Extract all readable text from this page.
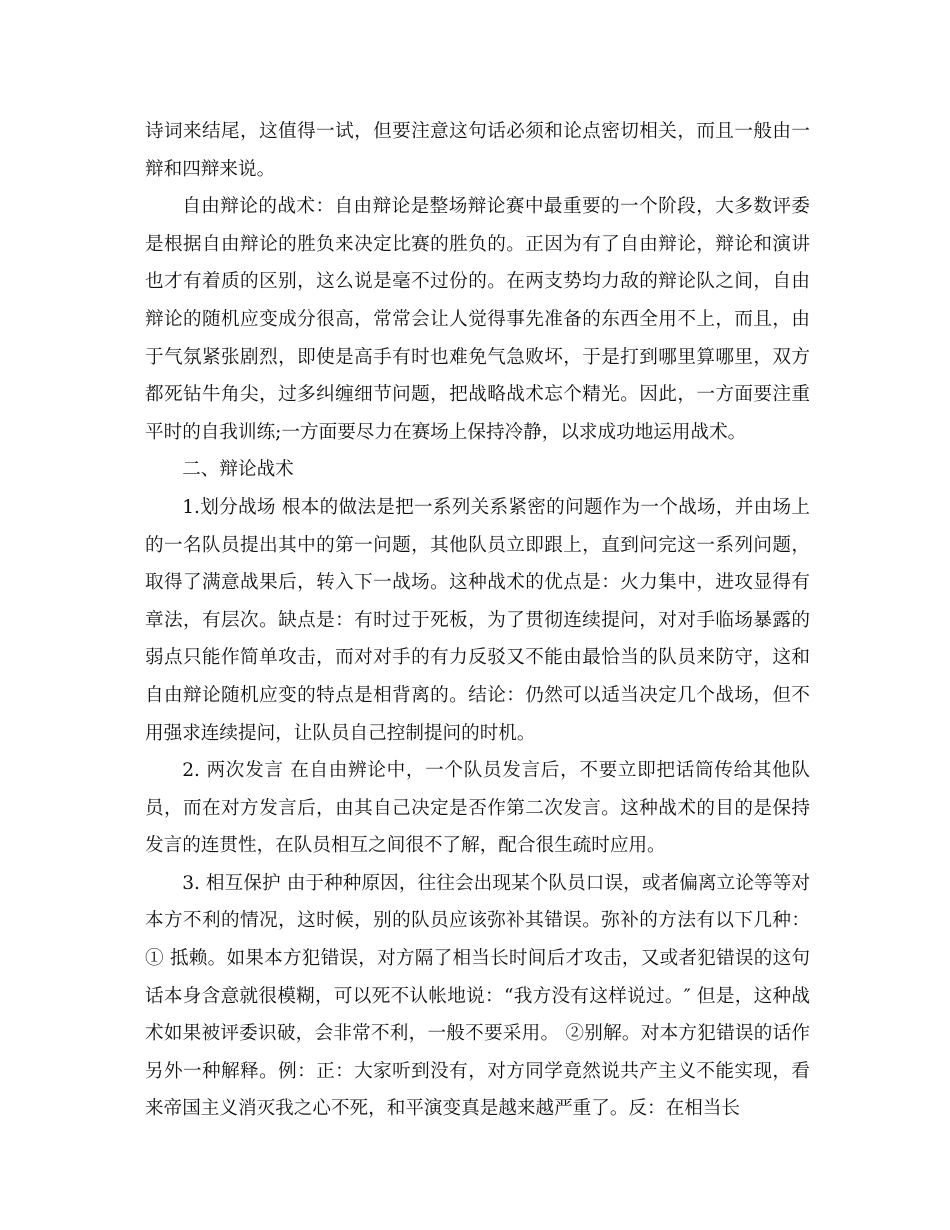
诗词来结尾，这值得一试，但要注意这句话必须和论点密切相关，而且一般由一辩和四辩来说。

自由辩论的战术：自由辩论是整场辩论赛中最重要的一个阶段，大多数评委是根据自由辩论的胜负来决定比赛的胜负的。正因为有了自由辩论，辩论和演讲也才有着质的区别，这么说是毫不过份的。在两支势均力敌的辩论队之间，自由辩论的随机应变成分很高，常常会让人觉得事先准备的东西全用不上，而且，由于气氛紧张剧烈，即使是高手有时也难免气急败坏，于是打到哪里算哪里，双方都死钻牛角尖，过多纠缠细节问题，把战略战术忘个精光。因此，一方面要注重平时的自我训练;一方面要尽力在赛场上保持冷静，以求成功地运用战术。

二、辩论战术

1.划分战场 根本的做法是把一系列关系紧密的问题作为一个战场，并由场上的一名队员提出其中的第一问题，其他队员立即跟上，直到问完这一系列问题，取得了满意战果后，转入下一战场。这种战术的优点是：火力集中，进攻显得有章法，有层次。缺点是：有时过于死板，为了贯彻连续提问，对对手临场暴露的弱点只能作简单攻击，而对对手的有力反驳又不能由最恰当的队员来防守，这和自由辩论随机应变的特点是相背离的。结论：仍然可以适当决定几个战场，但不用强求连续提问，让队员自己控制提问的时机。

2. 两次发言 在自由辨论中，一个队员发言后，不要立即把话筒传给其他队员，而在对方发言后，由其自己决定是否作第二次发言。这种战术的目的是保持发言的连贯性，在队员相互之间很不了解，配合很生疏时应用。

3. 相互保护 由于种种原因，往往会出现某个队员口误，或者偏离立论等等对本方不利的情况，这时候，别的队员应该弥补其错误。弥补的方法有以下几种： ① 抵赖。如果本方犯错误，对方隔了相当长时间后才攻击，又或者犯错误的这句话本身含意就很模糊，可以死不认帐地说：“我方没有这样说过。″ 但是，这种战术如果被评委识破，会非常不利，一般不要采用。 ②别解。对本方犯错误的话作另外一种解释。例：正：大家听到没有，对方同学竟然说共产主义不能实现，看来帝国主义消灭我之心不死，和平演变真是越来越严重了。反：在相当长
